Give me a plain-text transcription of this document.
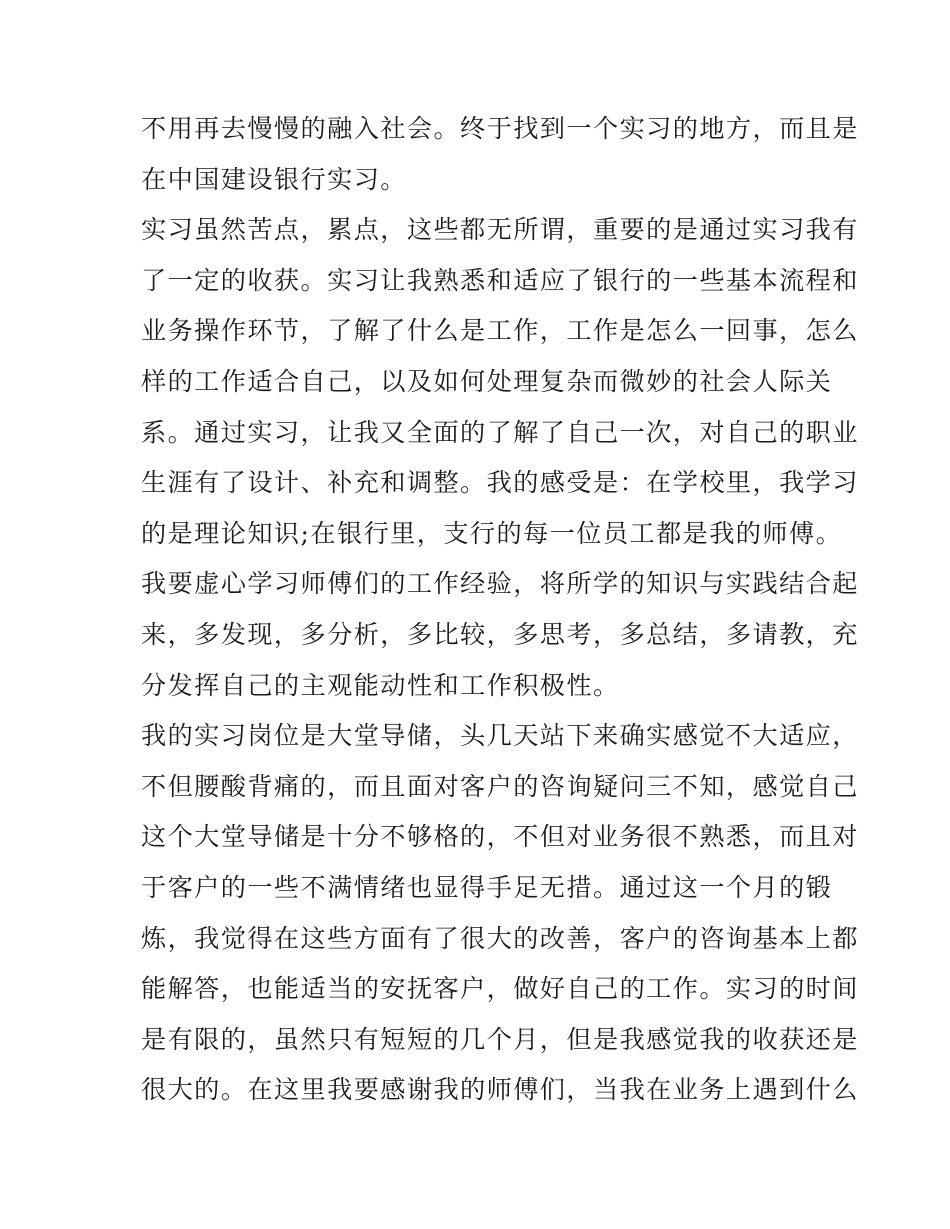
不用再去慢慢的融入社会。终于找到一个实习的地方，而且是
在中国建设银行实习。
实习虽然苦点，累点，这些都无所谓，重要的是通过实习我有
了一定的收获。实习让我熟悉和适应了银行的一些基本流程和
业务操作环节，了解了什么是工作，工作是怎么一回事，怎么
样的工作适合自己，以及如何处理复杂而微妙的社会人际关
系。通过实习，让我又全面的了解了自己一次，对自己的职业
生涯有了设计、补充和调整。我的感受是：在学校里，我学习
的是理论知识;在银行里，支行的每一位员工都是我的师傅。
我要虚心学习师傅们的工作经验，将所学的知识与实践结合起
来，多发现，多分析，多比较，多思考，多总结，多请教，充
分发挥自己的主观能动性和工作积极性。
我的实习岗位是大堂导储，头几天站下来确实感觉不大适应，
不但腰酸背痛的，而且面对客户的咨询疑问三不知，感觉自己
这个大堂导储是十分不够格的，不但对业务很不熟悉，而且对
于客户的一些不满情绪也显得手足无措。通过这一个月的锻
炼，我觉得在这些方面有了很大的改善，客户的咨询基本上都
能解答，也能适当的安抚客户，做好自己的工作。实习的时间
是有限的，虽然只有短短的几个月，但是我感觉我的收获还是
很大的。在这里我要感谢我的师傅们，当我在业务上遇到什么
